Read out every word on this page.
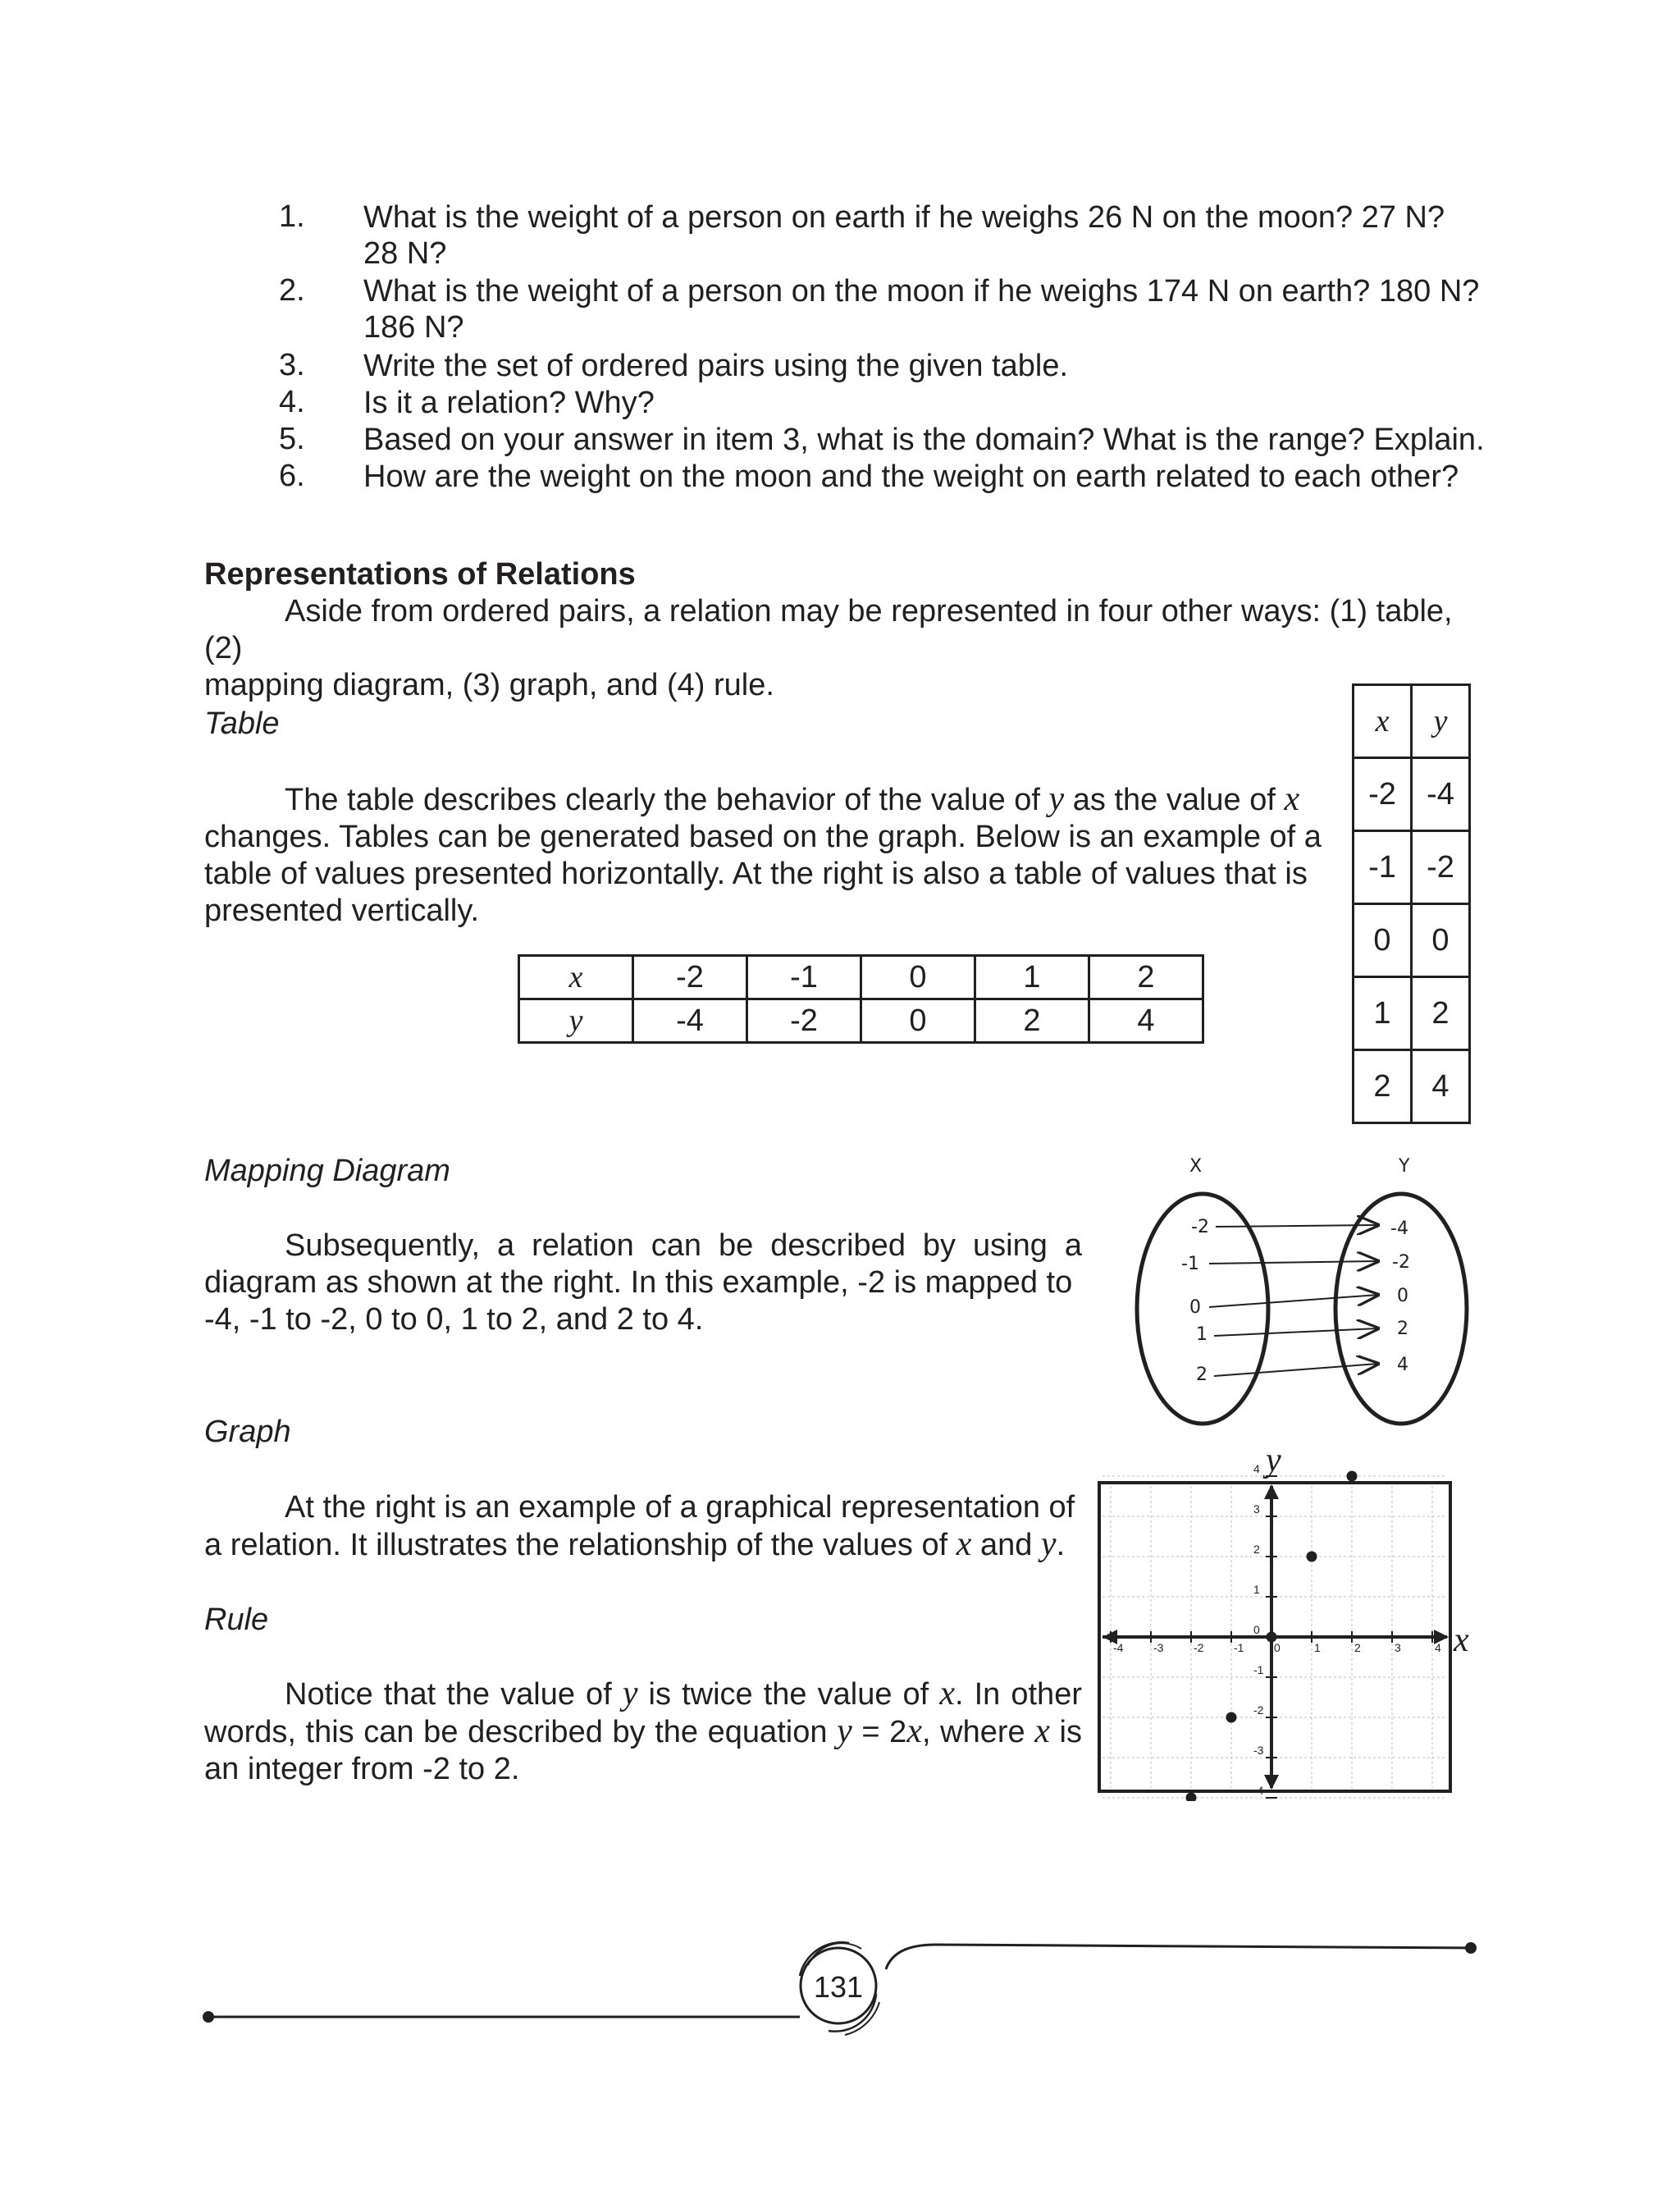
1.	What is the weight of a person on earth if he weighs 26 N on the moon? 27 N?
28 N?
2.	What is the weight of a person on the moon if he weighs 174 N on earth? 180 N?
186 N?
3.	Write the set of ordered pairs using the given table.
4.	Is it a relation? Why?
5.	Based on your answer in item 3, what is the domain? What is the range? Explain.
6.	How are the weight on the moon and the weight on earth related to each other?
Representations of Relations
Aside from ordered pairs, a relation may be represented in four other ways: (1) table, (2)
mapping diagram, (3) graph, and (4) rule.
Table
The table describes clearly the behavior of the value of y as the value of x
changes. Tables can be generated based on the graph. Below is an example of a
table of values presented horizontally. At the right is also a table of values that is
presented vertically.
x	-2	-1	0	1	2
y	-4	-2	0	2	4
x	y
-2	-4
-1	-2
0	0
1	2
2	4
Mapping Diagram
Subsequently, a relation can be described by using a
diagram as shown at the right. In this example, -2 is mapped to
-4, -1 to -2, 0 to 0, 1 to 2, and 2 to 4.
X	Y
-2
-1
0
1
2
-4
-2
0
2
4
Graph
At the right is an example of a graphical representation of
a relation. It illustrates the relationship of the values of x and y.
Rule
Notice that the value of y is twice the value of x. In other
words, this can be described by the equation y = 2x, where x is
an integer from -2 to 2.
-4	-3	-2	-1	0	1	2	3	4
4
3
2
1
0
-1
-2
-3
-4
y
x
131
